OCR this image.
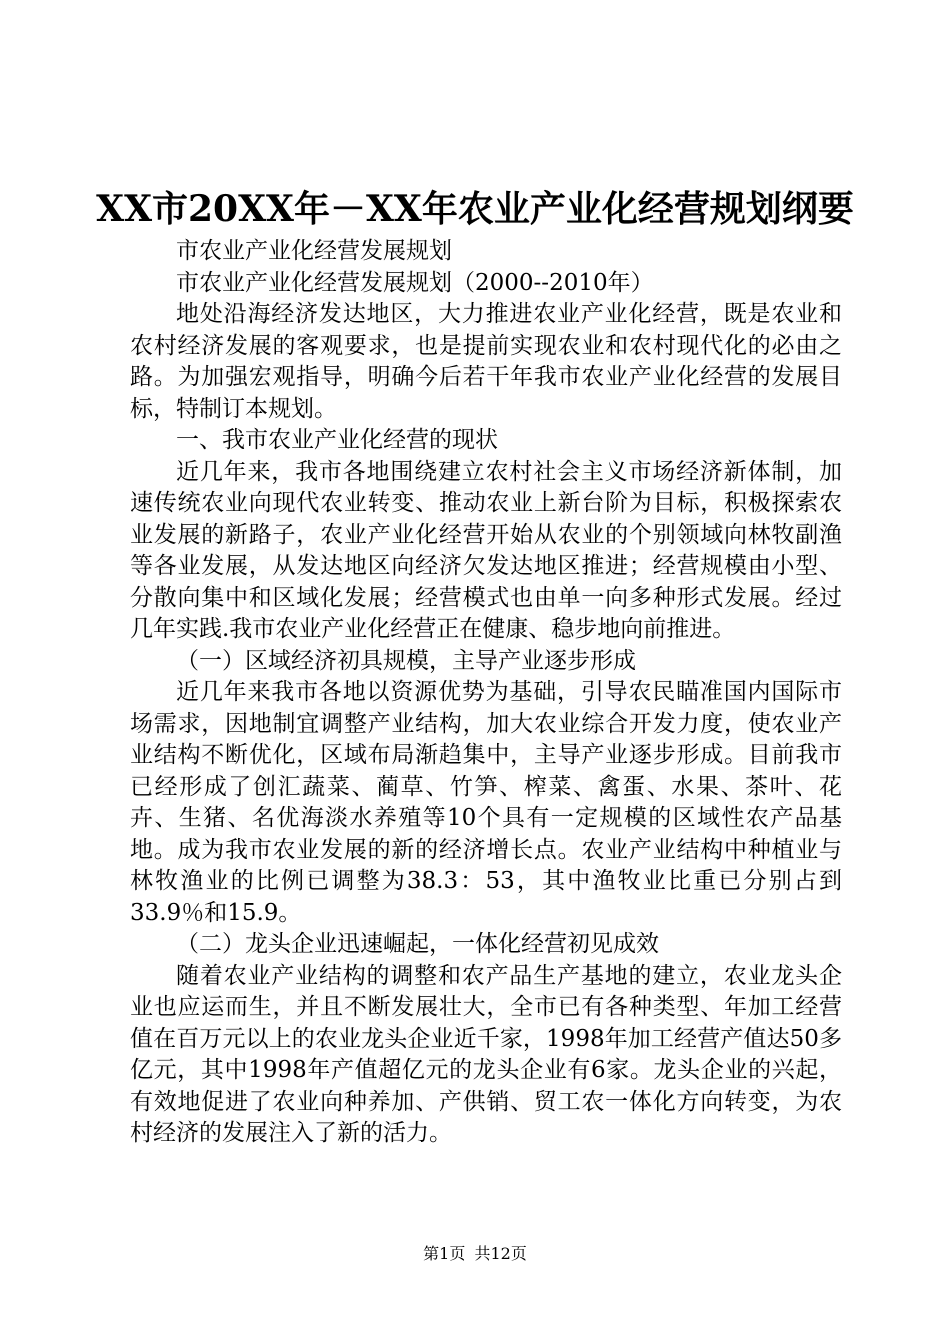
XX市20XX年－XX年农业产业化经营规划纲要

市农业产业化经营发展规划

市农业产业化经营发展规划（2000--2010年）

地处沿海经济发达地区，大力推进农业产业化经营，既是农业和农村经济发展的客观要求，也是提前实现农业和农村现代化的必由之路。为加强宏观指导，明确今后若干年我市农业产业化经营的发展目标，特制订本规划。

一、我市农业产业化经营的现状

近几年来，我市各地围绕建立农村社会主义市场经济新体制，加速传统农业向现代农业转变、推动农业上新台阶为目标，积极探索农业发展的新路子，农业产业化经营开始从农业的个别领域向林牧副渔等各业发展，从发达地区向经济欠发达地区推进；经营规模由小型、分散向集中和区域化发展；经营模式也由单一向多种形式发展。经过几年实践.我市农业产业化经营正在健康、稳步地向前推进。

（一）区域经济初具规模，主导产业逐步形成

近几年来我市各地以资源优势为基础，引导农民瞄准国内国际市场需求，因地制宜调整产业结构，加大农业综合开发力度，使农业产业结构不断优化，区域布局渐趋集中，主导产业逐步形成。目前我市已经形成了创汇蔬菜、蔺草、竹笋、榨菜、禽蛋、水果、茶叶、花卉、生猪、名优海淡水养殖等10个具有一定规模的区域性农产品基地。成为我市农业发展的新的经济增长点。农业产业结构中种植业与林牧渔业的比例已调整为38.3：53，其中渔牧业比重已分别占到33.9％和15.9。

（二）龙头企业迅速崛起，一体化经营初见成效

随着农业产业结构的调整和农产品生产基地的建立，农业龙头企业也应运而生，并且不断发展壮大，全市已有各种类型、年加工经营值在百万元以上的农业龙头企业近千家，1998年加工经营产值达50多亿元，其中1998年产值超亿元的龙头企业有6家。龙头企业的兴起，有效地促进了农业向种养加、产供销、贸工农一体化方向转变，为农村经济的发展注入了新的活力。

第1页 共12页
